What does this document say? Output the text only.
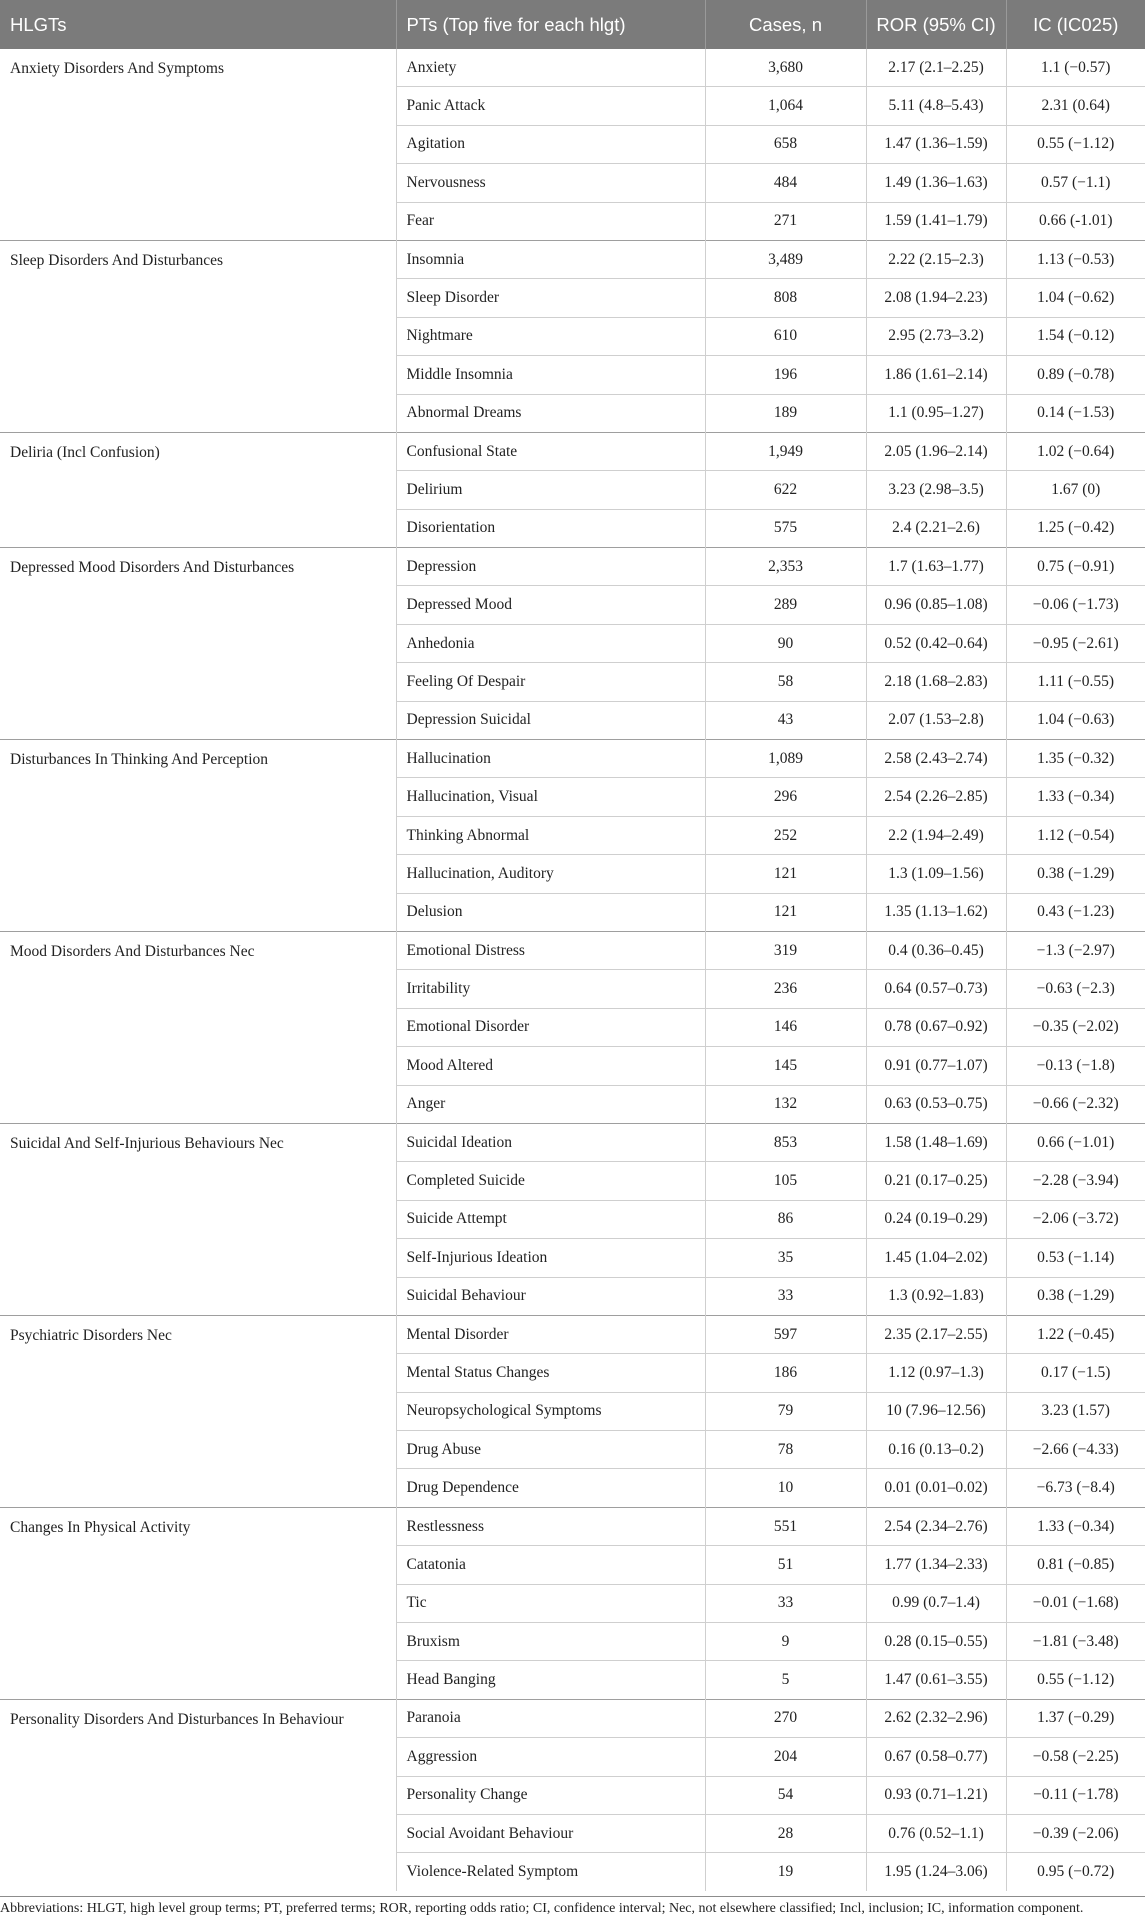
HLGTs	PTs (Top five for each hlgt)	Cases, n	ROR (95% CI)	IC (IC025)
Anxiety Disorders And Symptoms	Anxiety	3,680	2.17 (2.1–2.25)	1.1 (−0.57)
	Panic Attack	1,064	5.11 (4.8–5.43)	2.31 (0.64)
	Agitation	658	1.47 (1.36–1.59)	0.55 (−1.12)
	Nervousness	484	1.49 (1.36–1.63)	0.57 (−1.1)
	Fear	271	1.59 (1.41–1.79)	0.66 (-1.01)
Sleep Disorders And Disturbances	Insomnia	3,489	2.22 (2.15–2.3)	1.13 (−0.53)
	Sleep Disorder	808	2.08 (1.94–2.23)	1.04 (−0.62)
	Nightmare	610	2.95 (2.73–3.2)	1.54 (−0.12)
	Middle Insomnia	196	1.86 (1.61–2.14)	0.89 (−0.78)
	Abnormal Dreams	189	1.1 (0.95–1.27)	0.14 (−1.53)
Deliria (Incl Confusion)	Confusional State	1,949	2.05 (1.96–2.14)	1.02 (−0.64)
	Delirium	622	3.23 (2.98–3.5)	1.67 (0)
	Disorientation	575	2.4 (2.21–2.6)	1.25 (−0.42)
Depressed Mood Disorders And Disturbances	Depression	2,353	1.7 (1.63–1.77)	0.75 (−0.91)
	Depressed Mood	289	0.96 (0.85–1.08)	−0.06 (−1.73)
	Anhedonia	90	0.52 (0.42–0.64)	−0.95 (−2.61)
	Feeling Of Despair	58	2.18 (1.68–2.83)	1.11 (−0.55)
	Depression Suicidal	43	2.07 (1.53–2.8)	1.04 (−0.63)
Disturbances In Thinking And Perception	Hallucination	1,089	2.58 (2.43–2.74)	1.35 (−0.32)
	Hallucination, Visual	296	2.54 (2.26–2.85)	1.33 (−0.34)
	Thinking Abnormal	252	2.2 (1.94–2.49)	1.12 (−0.54)
	Hallucination, Auditory	121	1.3 (1.09–1.56)	0.38 (−1.29)
	Delusion	121	1.35 (1.13–1.62)	0.43 (−1.23)
Mood Disorders And Disturbances Nec	Emotional Distress	319	0.4 (0.36–0.45)	−1.3 (−2.97)
	Irritability	236	0.64 (0.57–0.73)	−0.63 (−2.3)
	Emotional Disorder	146	0.78 (0.67–0.92)	−0.35 (−2.02)
	Mood Altered	145	0.91 (0.77–1.07)	−0.13 (−1.8)
	Anger	132	0.63 (0.53–0.75)	−0.66 (−2.32)
Suicidal And Self-Injurious Behaviours Nec	Suicidal Ideation	853	1.58 (1.48–1.69)	0.66 (−1.01)
	Completed Suicide	105	0.21 (0.17–0.25)	−2.28 (−3.94)
	Suicide Attempt	86	0.24 (0.19–0.29)	−2.06 (−3.72)
	Self-Injurious Ideation	35	1.45 (1.04–2.02)	0.53 (−1.14)
	Suicidal Behaviour	33	1.3 (0.92–1.83)	0.38 (−1.29)
Psychiatric Disorders Nec	Mental Disorder	597	2.35 (2.17–2.55)	1.22 (−0.45)
	Mental Status Changes	186	1.12 (0.97–1.3)	0.17 (−1.5)
	Neuropsychological Symptoms	79	10 (7.96–12.56)	3.23 (1.57)
	Drug Abuse	78	0.16 (0.13–0.2)	−2.66 (−4.33)
	Drug Dependence	10	0.01 (0.01–0.02)	−6.73 (−8.4)
Changes In Physical Activity	Restlessness	551	2.54 (2.34–2.76)	1.33 (−0.34)
	Catatonia	51	1.77 (1.34–2.33)	0.81 (−0.85)
	Tic	33	0.99 (0.7–1.4)	−0.01 (−1.68)
	Bruxism	9	0.28 (0.15–0.55)	−1.81 (−3.48)
	Head Banging	5	1.47 (0.61–3.55)	0.55 (−1.12)
Personality Disorders And Disturbances In Behaviour	Paranoia	270	2.62 (2.32–2.96)	1.37 (−0.29)
	Aggression	204	0.67 (0.58–0.77)	−0.58 (−2.25)
	Personality Change	54	0.93 (0.71–1.21)	−0.11 (−1.78)
	Social Avoidant Behaviour	28	0.76 (0.52–1.1)	−0.39 (−2.06)
	Violence-Related Symptom	19	1.95 (1.24–3.06)	0.95 (−0.72)
Abbreviations: HLGT, high level group terms; PT, preferred terms; ROR, reporting odds ratio; CI, confidence interval; Nec, not elsewhere classified; Incl, inclusion; IC, information component.
